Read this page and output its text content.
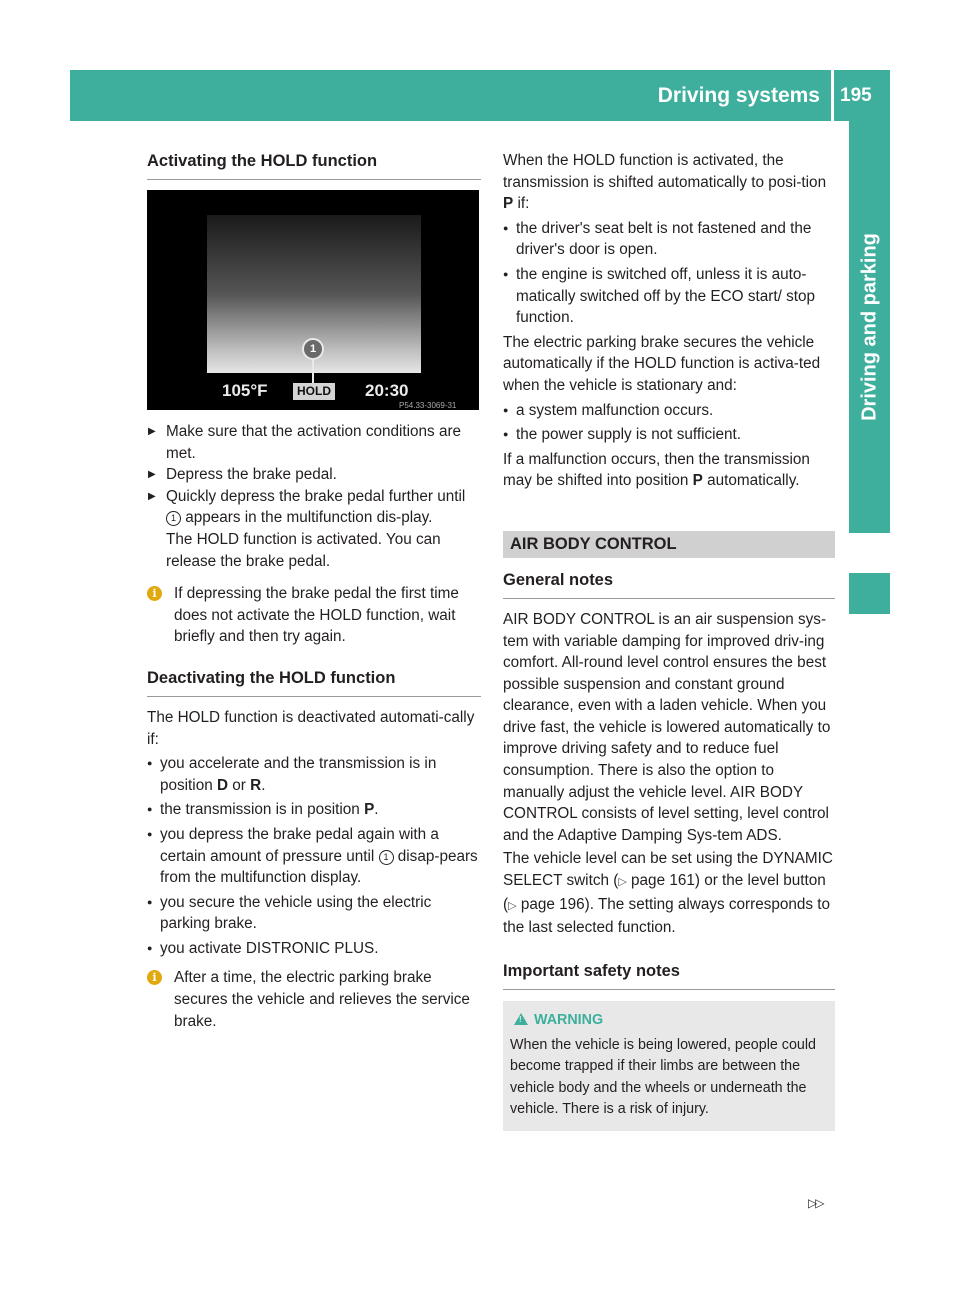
Driving systems 195
Driving and parking
Activating the HOLD function
1
105°F	HOLD 20:30
P54.33-3069-31
▶ Make sure that the activation conditions are met.
▶ Depress the brake pedal.
▶ Quickly depress the brake pedal further until 1 appears in the multifunction dis-play.
The HOLD function is activated. You can release the brake pedal.
i	If depressing the brake pedal the first time does not activate the HOLD function, wait briefly and then try again.
Deactivating the HOLD function

The HOLD function is deactivated automati-cally if:

● you accelerate and the transmission is in position D or R.
● the transmission is in position P.
● you depress the brake pedal again with a certain amount of pressure until 1 disap-pears from the multifunction display.
● you secure the vehicle using the electric parking brake.
● you activate DISTRONIC PLUS.
i	After a time, the electric parking brake secures the vehicle and relieves the service brake.

When the HOLD function is activated, the transmission is shifted automatically to posi-tion P if:

● the driver's seat belt is not fastened and the driver's door is open.
● the engine is switched off, unless it is auto-matically switched off by the ECO start/ stop function.

The electric parking brake secures the vehicle automatically if the HOLD function is activa-ted when the vehicle is stationary and:

● a system malfunction occurs.
● the power supply is not sufficient.

If a malfunction occurs, then the transmission may be shifted into position P automatically.

AIR BODY CONTROL
General notes

AIR BODY CONTROL is an air suspension sys-tem with variable damping for improved driv-ing comfort. All-round level control ensures the best possible suspension and constant ground clearance, even with a laden vehicle. When you drive fast, the vehicle is lowered automatically to improve driving safety and to reduce fuel consumption. There is also the option to manually adjust the vehicle level. AIR BODY CONTROL consists of level setting, level control and the Adaptive Damping Sys-tem ADS.

The vehicle level can be set using the DYNAMIC SELECT switch (▷ page 161) or the level button (▷ page 196). The setting always corresponds to the last selected function.

Important safety notes
! WARNING
When the vehicle is being lowered, people could become trapped if their limbs are between the vehicle body and the wheels or underneath the vehicle. There is a risk of injury.
▷▷
